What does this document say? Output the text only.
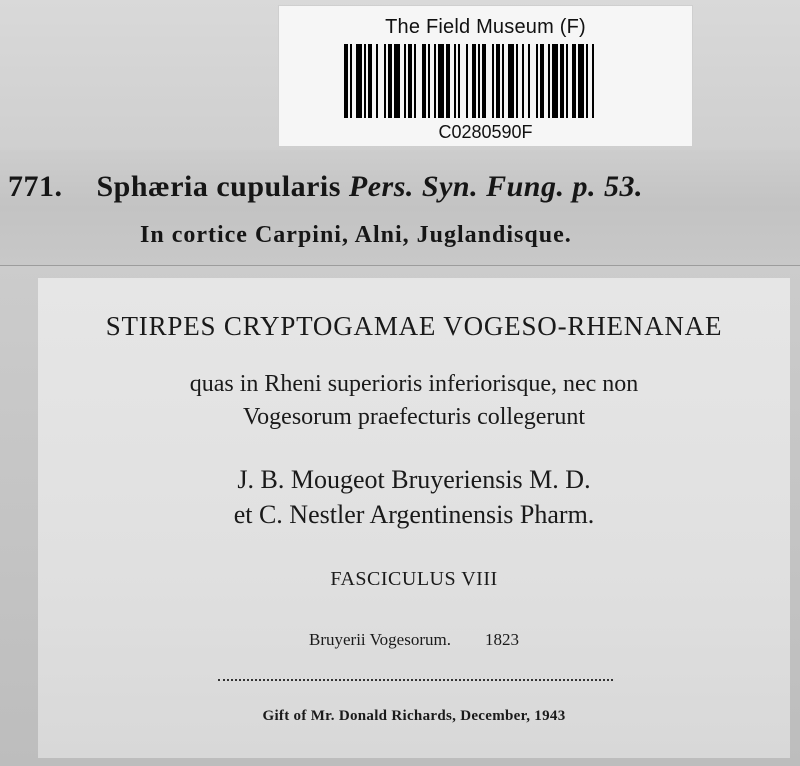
The Field Museum (F)
C0280590F
771. Sphæria cupularis Pers. Syn. Fung. p. 53.
In cortice Carpini, Alni, Juglandisque.
STIRPES CRYPTOGAMAE VOGESO-RHENANAE
quas in Rheni superioris inferiorisque, nec non
Vogesorum praefecturis collegerunt
J. B. Mougeot Bruyeriensis M. D.
et C. Nestler Argentinensis Pharm.
FASCICULUS VIII
Bruyerii Vogesorum. 1823
Gift of Mr. Donald Richards, December, 1943
